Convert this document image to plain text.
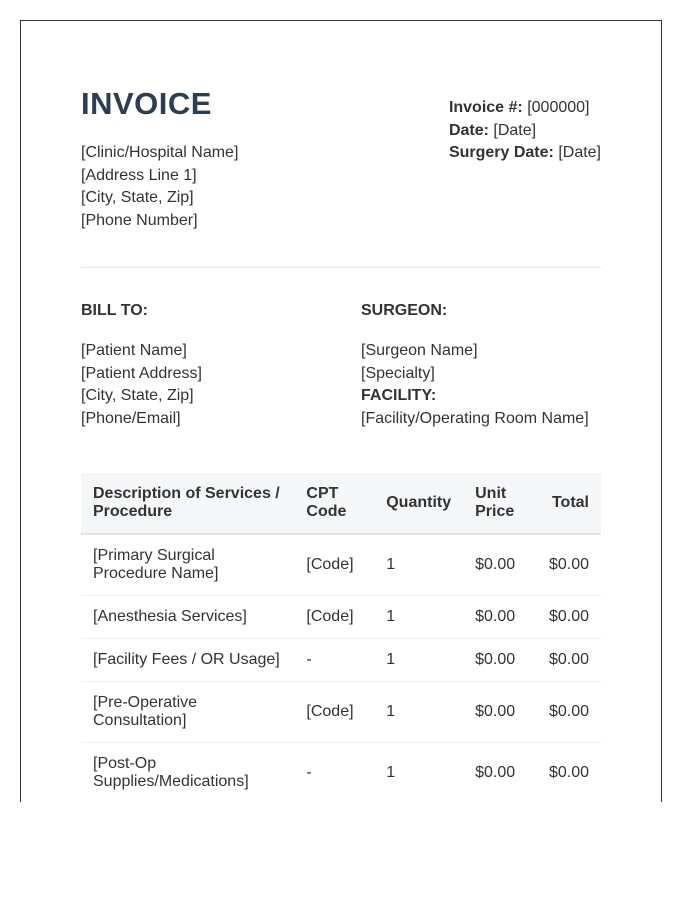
INVOICE
[Clinic/Hospital Name]
[Address Line 1]
[City, State, Zip]
[Phone Number]
Invoice #: [000000]
Date: [Date]
Surgery Date: [Date]
BILL TO:
[Patient Name]
[Patient Address]
[City, State, Zip]
[Phone/Email]
SURGEON:
[Surgeon Name]
[Specialty]
FACILITY:
[Facility/Operating Room Name]
Description of Services / Procedure	CPT Code	Quantity	Unit Price	Total
[Primary Surgical Procedure Name]	[Code]	1	$0.00	$0.00
[Anesthesia Services]	[Code]	1	$0.00	$0.00
[Facility Fees / OR Usage]	-	1	$0.00	$0.00
[Pre-Operative Consultation]	[Code]	1	$0.00	$0.00
[Post-Op Supplies/Medications]	-	1	$0.00	$0.00
